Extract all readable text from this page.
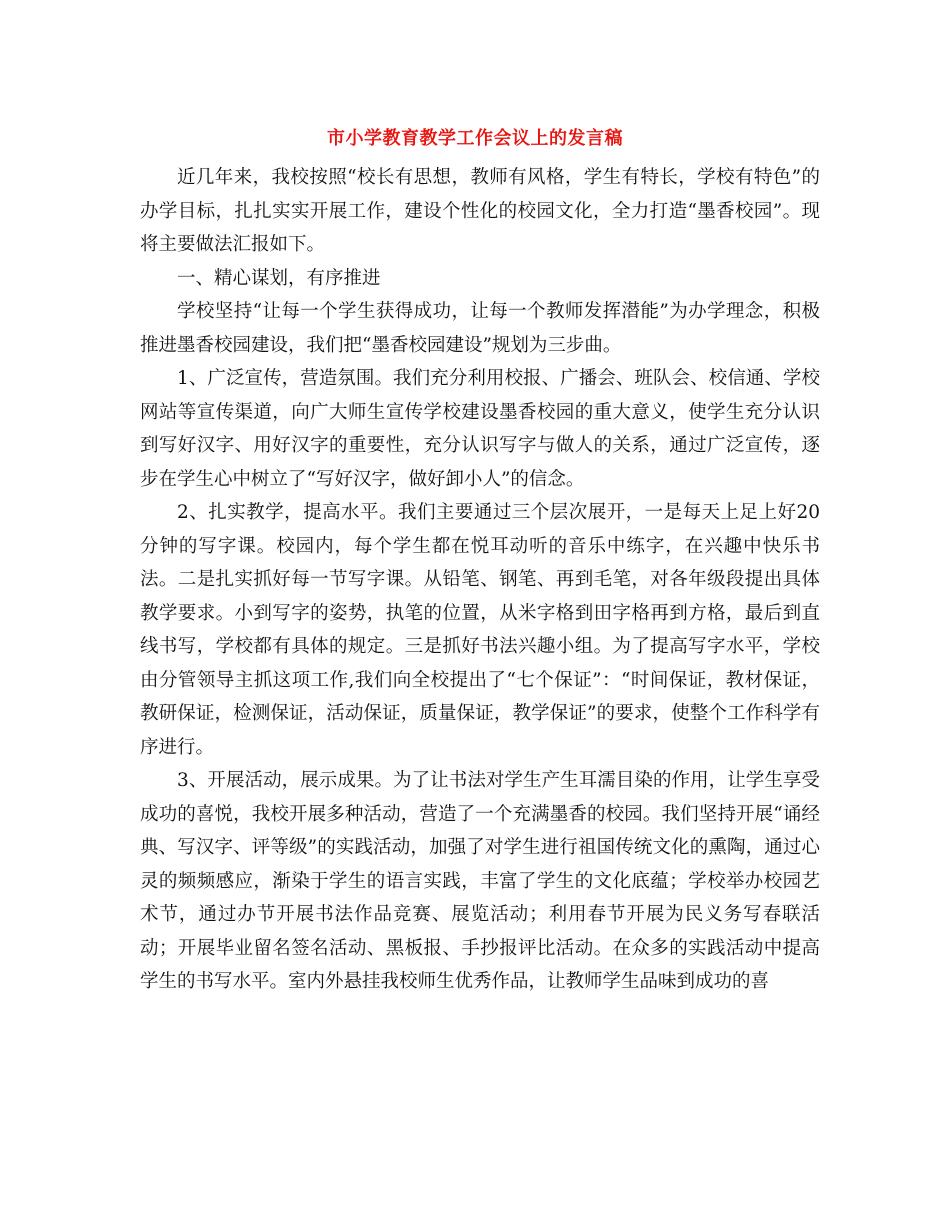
市小学教育教学工作会议上的发言稿

近几年来，我校按照“校长有思想，教师有风格，学生有特长，学校有特色”的办学目标，扎扎实实开展工作，建设个性化的校园文化，全力打造“墨香校园”。现将主要做法汇报如下。

一、精心谋划，有序推进

学校坚持“让每一个学生获得成功，让每一个教师发挥潜能”为办学理念，积极推进墨香校园建设，我们把“墨香校园建设”规划为三步曲。

1、广泛宣传，营造氛围。我们充分利用校报、广播会、班队会、校信通、学校网站等宣传渠道，向广大师生宣传学校建设墨香校园的重大意义，使学生充分认识到写好汉字、用好汉字的重要性，充分认识写字与做人的关系，通过广泛宣传，逐步在学生心中树立了“写好汉字，做好卸小人”的信念。

2、扎实教学，提高水平。我们主要通过三个层次展开，一是每天上足上好20分钟的写字课。校园内，每个学生都在悦耳动听的音乐中练字，在兴趣中快乐书法。二是扎实抓好每一节写字课。从铅笔、钢笔、再到毛笔，对各年级段提出具体教学要求。小到写字的姿势，执笔的位置，从米字格到田字格再到方格，最后到直线书写，学校都有具体的规定。三是抓好书法兴趣小组。为了提高写字水平，学校由分管领导主抓这项工作,我们向全校提出了“七个保证”：“时间保证，教材保证，教研保证，检测保证，活动保证，质量保证，教学保证”的要求，使整个工作科学有序进行。

3、开展活动，展示成果。为了让书法对学生产生耳濡目染的作用，让学生享受成功的喜悦，我校开展多种活动，营造了一个充满墨香的校园。我们坚持开展“诵经典、写汉字、评等级”的实践活动，加强了对学生进行祖国传统文化的熏陶，通过心灵的频频感应，渐染于学生的语言实践，丰富了学生的文化底蕴；学校举办校园艺术节，通过办节开展书法作品竞赛、展览活动；利用春节开展为民义务写春联活动；开展毕业留名签名活动、黑板报、手抄报评比活动。在众多的实践活动中提高学生的书写水平。室内外悬挂我校师生优秀作品，让教师学生品味到成功的喜
